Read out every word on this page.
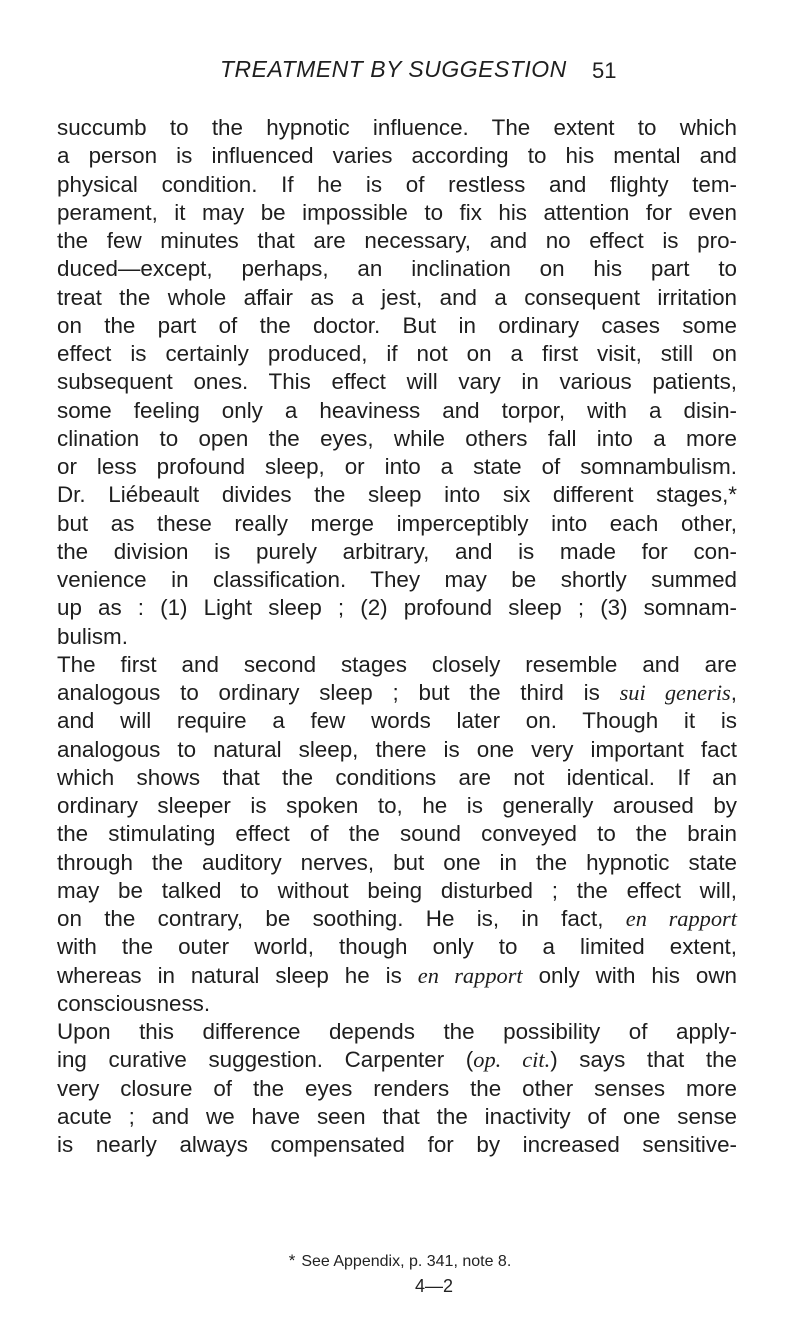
TREATMENT BY SUGGESTION 51
succumb to the hypnotic influence. The extent to which
a person is influenced varies according to his mental and
physical condition. If he is of restless and flighty tem-
perament, it may be impossible to fix his attention for even
the few minutes that are necessary, and no effect is pro-
duced—except, perhaps, an inclination on his part to
treat the whole affair as a jest, and a consequent irritation
on the part of the doctor. But in ordinary cases some
effect is certainly produced, if not on a first visit, still on
subsequent ones. This effect will vary in various patients,
some feeling only a heaviness and torpor, with a disin-
clination to open the eyes, while others fall into a more
or less profound sleep, or into a state of somnambulism.
Dr. Liébeault divides the sleep into six different stages,*
but as these really merge imperceptibly into each other,
the division is purely arbitrary, and is made for con-
venience in classification. They may be shortly summed
up as : (1) Light sleep ; (2) profound sleep ; (3) somnam-
bulism.
The first and second stages closely resemble and are
analogous to ordinary sleep ; but the third is sui generis,
and will require a few words later on. Though it is
analogous to natural sleep, there is one very important fact
which shows that the conditions are not identical. If an
ordinary sleeper is spoken to, he is generally aroused by
the stimulating effect of the sound conveyed to the brain
through the auditory nerves, but one in the hypnotic state
may be talked to without being disturbed ; the effect will,
on the contrary, be soothing. He is, in fact, en rapport
with the outer world, though only to a limited extent,
whereas in natural sleep he is en rapport only with his own
consciousness.
Upon this difference depends the possibility of apply-
ing curative suggestion. Carpenter (op. cit.) says that the
very closure of the eyes renders the other senses more
acute ; and we have seen that the inactivity of one sense
is nearly always compensated for by increased sensitive-
* See Appendix, p. 341, note 8.
4—2
